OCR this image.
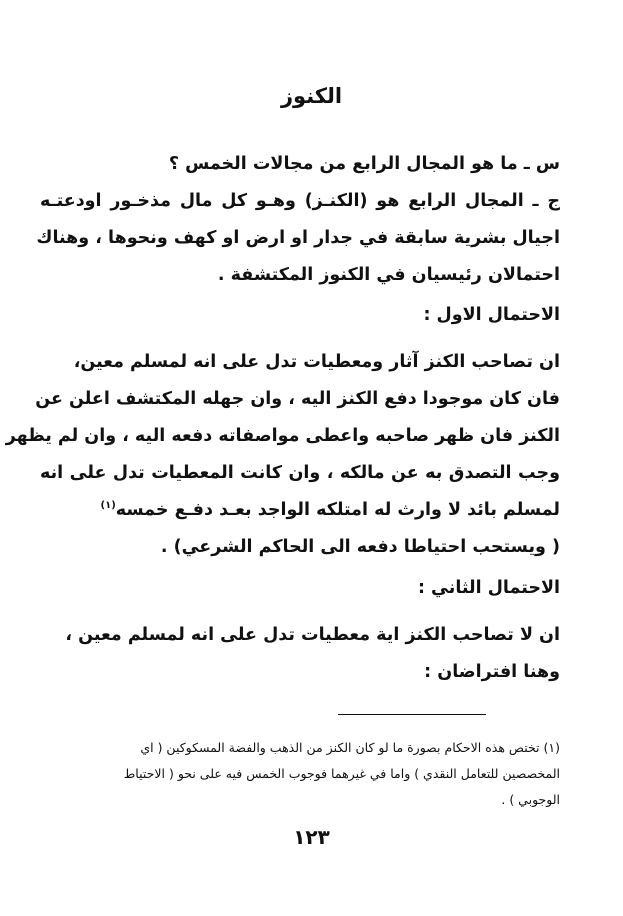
الكنوز
س ـ ما هو المجال الرابع من مجالات الخمس ؟
ج ـ المجال الرابع هو (الكنـز) وهـو كل مال مذخـور اودعتـه
اجيال بشرية سابقة في جدار او ارض او كهف ونحوها ، وهناك
احتمالان رئيسيان في الكنوز المكتشفة .
الاحتمال الاول :
ان تصاحب الكنز آثار ومعطيات تدل على انه لمسلم معين،
فان كان موجودا دفع الكنز اليه ، وان جهله المكتشف اعلن عن
الكنز فان ظهر صاحبه واعطى مواصفاته دفعه اليه ، وان لم يظهر
وجب التصدق به عن مالكه ، وان كانت المعطيات تدل على انه
لمسلم بائد لا وارث له امتلكه الواجد بعـد دفـع خمسه$^{(١)}$
( ويستحب احتياطا دفعه الى الحاكم الشرعي) .
الاحتمال الثاني :
ان لا تصاحب الكنز اية معطيات تدل على انه لمسلم معين ،
وهنا افتراضان :
(١) تختص هذه الاحكام بصورة ما لو كان الكنز من الذهب والفضة المسكوكين ( اي
المخصصين للتعامل النقدي ) واما في غيرهما فوجوب الخمس فيه على نحو ( الاحتياط
الوجوبي ) .
١٢٣
